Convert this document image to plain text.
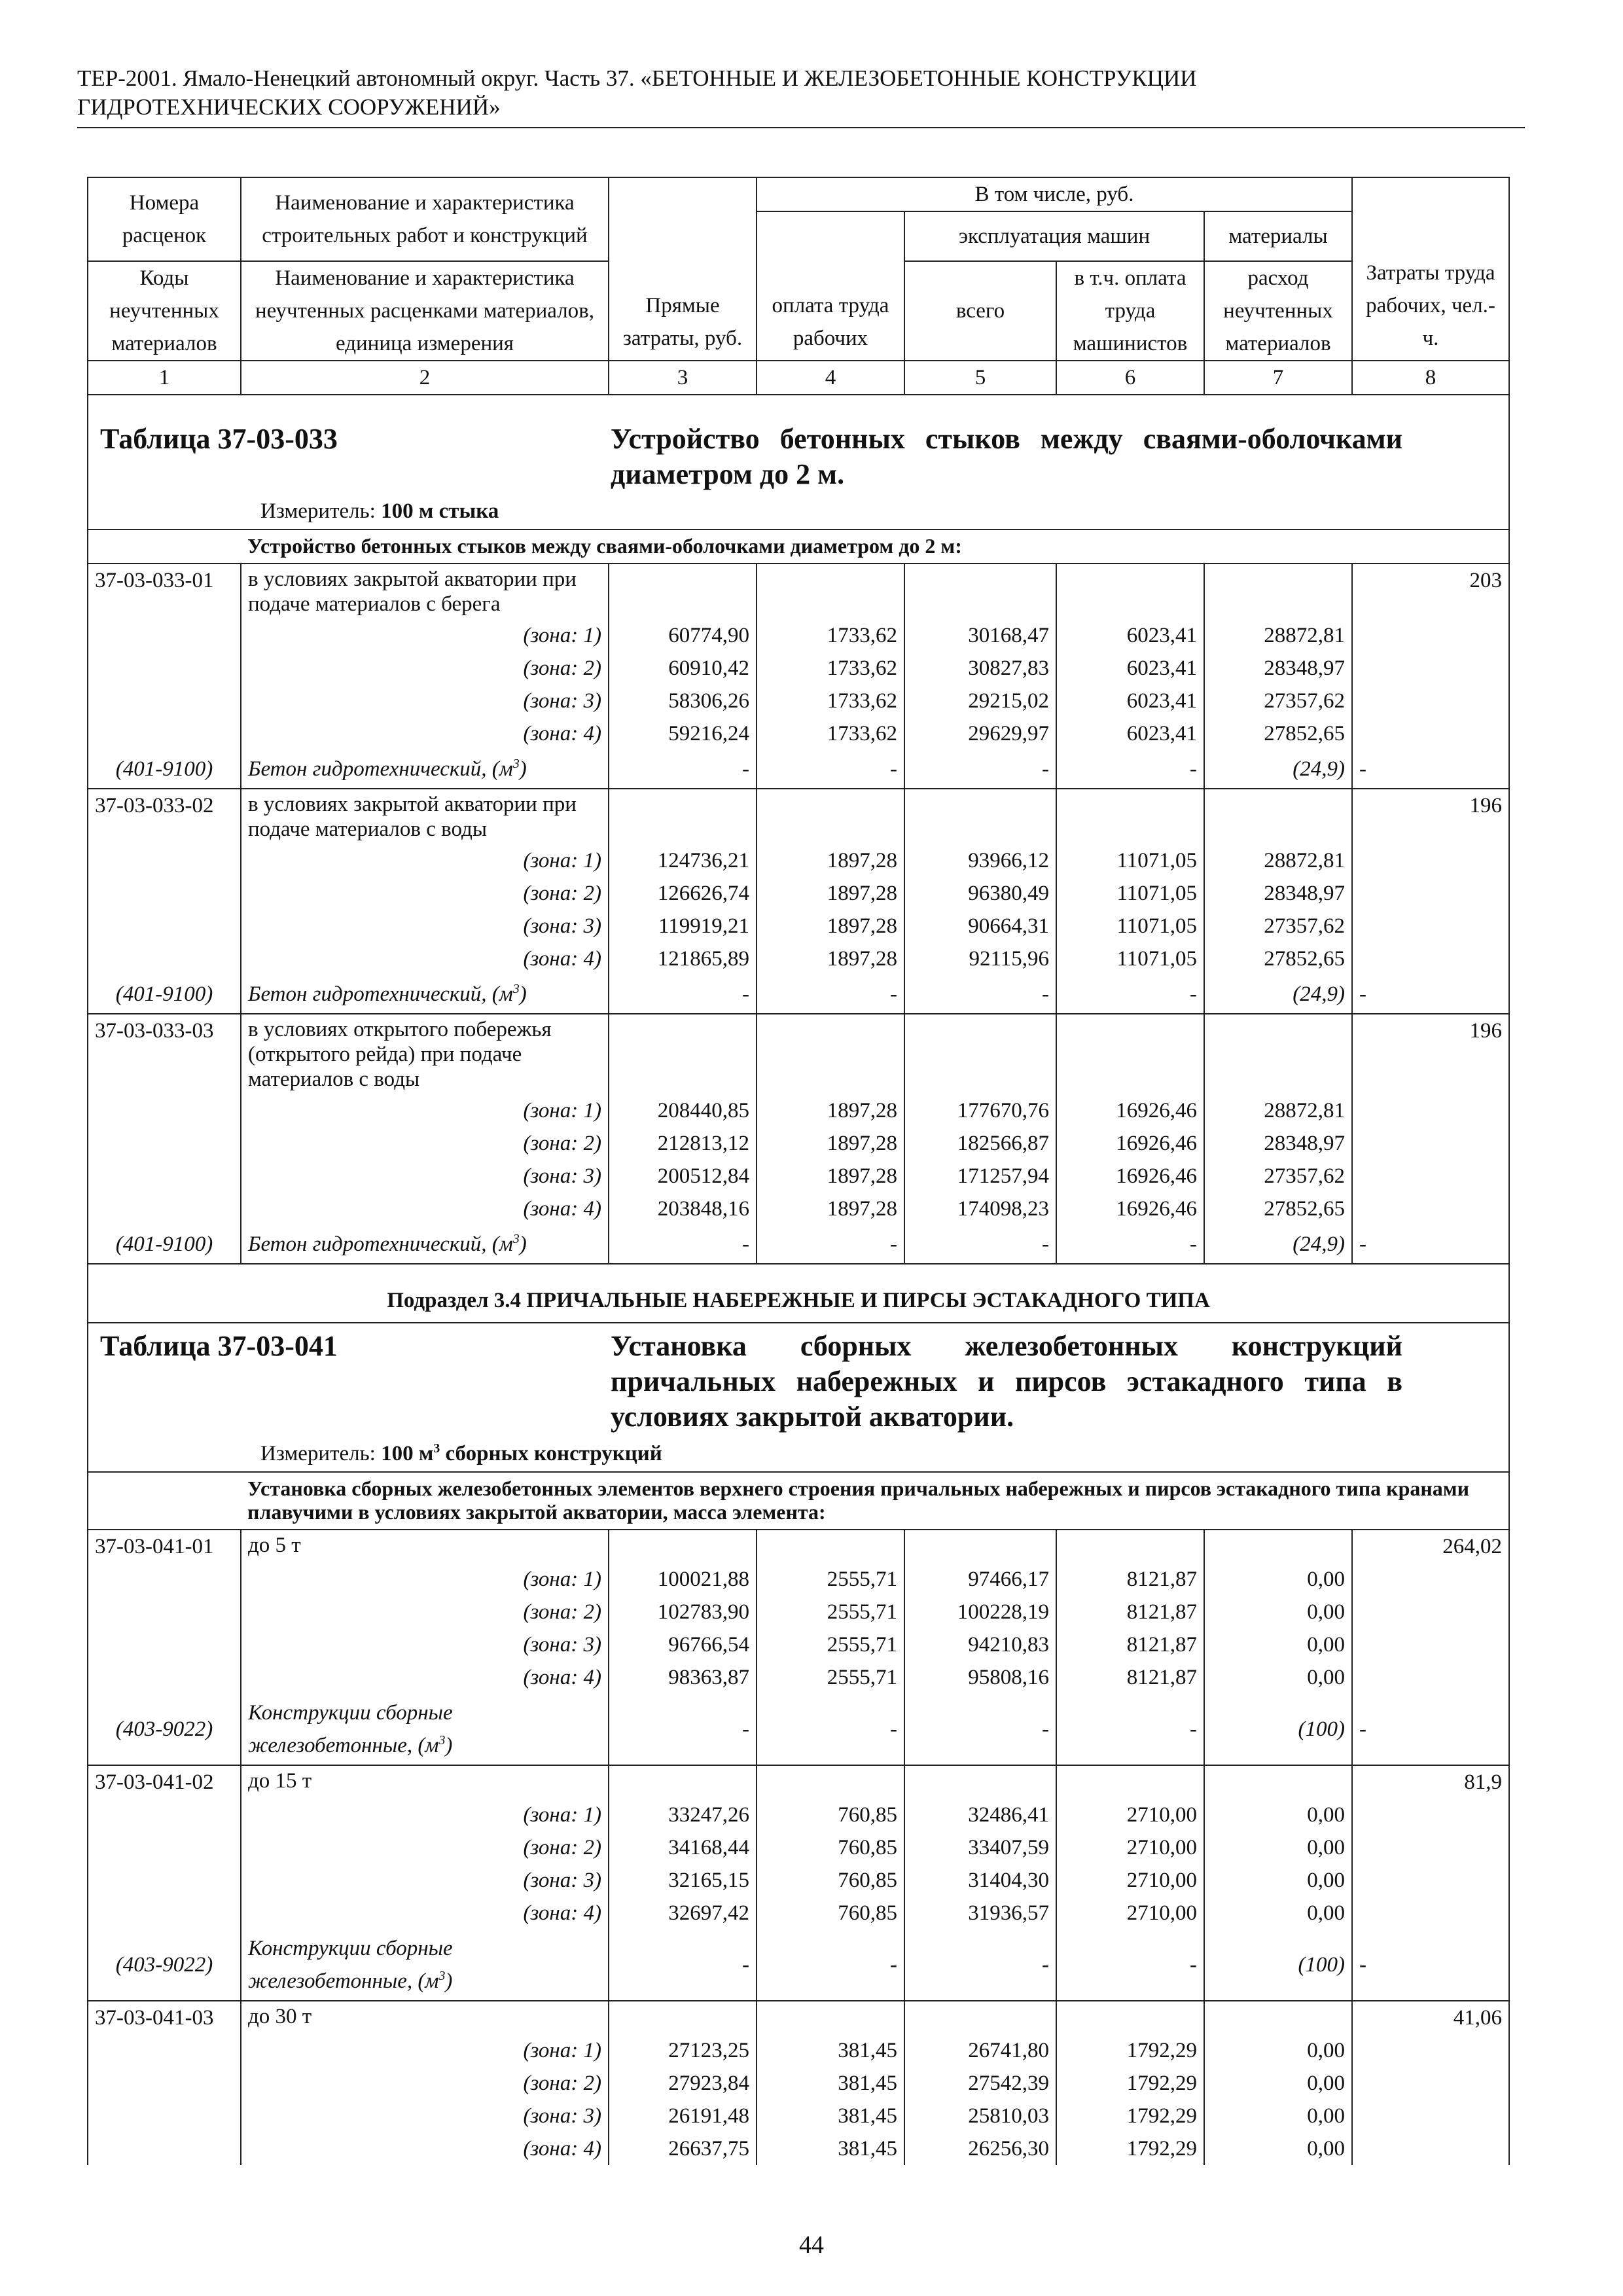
ТЕР-2001. Ямало-Ненецкий автономный округ. Часть 37. «БЕТОННЫЕ И ЖЕЛЕЗОБЕТОННЫЕ КОНСТРУКЦИИ
ГИДРОТЕХНИЧЕСКИХ СООРУЖЕНИЙ»
Номера расценок	Наименование и характеристика строительных работ и конструкций	Прямые затраты, руб.	В том числе, руб.				Затраты труда рабочих, чел.-ч.
			оплата труда рабочих	эксплуатация машин		материалы	
Коды неучтенных материалов	Наименование и характеристика неучтенных расценками материалов, единица измерения			всего	в т.ч. оплата труда машинистов	расход неучтенных материалов	
1	2	3	4	5	6	7	8
Таблица 37-03-033 Устройство бетонных стыков между сваями-оболочками диаметром до 2 м.
Измеритель: 100 м стыка							

	Устройство бетонных стыков между сваями-оболочками диаметром до 2 м:						
37-03-033-01	в условиях закрытой акватории при подаче материалов с берега						203
	(зона: 1)	60774,90	1733,62	30168,47	6023,41	28872,81	
	(зона: 2)	60910,42	1733,62	30827,83	6023,41	28348,97	
	(зона: 3)	58306,26	1733,62	29215,02	6023,41	27357,62	
	(зона: 4)	59216,24	1733,62	29629,97	6023,41	27852,65	
(401-9100)	Бетон гидротехнический, $(м^3)$	-	-	-	-	(24,9)	-
37-03-033-02	в условиях закрытой акватории при подаче материалов с воды						196
	(зона: 1)	124736,21	1897,28	93966,12	11071,05	28872,81	
	(зона: 2)	126626,74	1897,28	96380,49	11071,05	28348,97	
	(зона: 3)	119919,21	1897,28	90664,31	11071,05	27357,62	
	(зона: 4)	121865,89	1897,28	92115,96	11071,05	27852,65	
(401-9100)	Бетон гидротехнический, $(м^3)$	-	-	-	-	(24,9)	-
37-03-033-03	в условиях открытого побережья (открытого рейда) при подаче материалов с воды						196
	(зона: 1)	208440,85	1897,28	177670,76	16926,46	28872,81	
	(зона: 2)	212813,12	1897,28	182566,87	16926,46	28348,97	
	(зона: 3)	200512,84	1897,28	171257,94	16926,46	27357,62	
	(зона: 4)	203848,16	1897,28	174098,23	16926,46	27852,65	
(401-9100)	Бетон гидротехнический, $(м^3)$	-	-	-	-	(24,9)	-
Подраздел 3.4 ПРИЧАЛЬНЫЕ НАБЕРЕЖНЫЕ И ПИРСЫ ЭСТАКАДНОГО ТИПА							
Таблица 37-03-041 Установка сборных железобетонных конструкций причальных набережных и пирсов эстакадного типа в условиях закрытой акватории.
Измеритель: 100 $м^3$ сборных конструкций							

	Установка сборных железобетонных элементов верхнего строения причальных набережных и пирсов эстакадного типа кранами плавучими в условиях закрытой акватории, масса элемента:						
37-03-041-01	до 5 т						264,02
	(зона: 1)	100021,88	2555,71	97466,17	8121,87	0,00	
	(зона: 2)	102783,90	2555,71	100228,19	8121,87	0,00	
	(зона: 3)	96766,54	2555,71	94210,83	8121,87	0,00	
	(зона: 4)	98363,87	2555,71	95808,16	8121,87	0,00	
(403-9022)	Конструкции сборные железобетонные, $(м^3)$	-	-	-	-	(100)	-
37-03-041-02	до 15 т						81,9
	(зона: 1)	33247,26	760,85	32486,41	2710,00	0,00	
	(зона: 2)	34168,44	760,85	33407,59	2710,00	0,00	
	(зона: 3)	32165,15	760,85	31404,30	2710,00	0,00	
	(зона: 4)	32697,42	760,85	31936,57	2710,00	0,00	
(403-9022)	Конструкции сборные железобетонные, $(м^3)$	-	-	-	-	(100)	-
37-03-041-03	до 30 т						41,06
	(зона: 1)	27123,25	381,45	26741,80	1792,29	0,00	
	(зона: 2)	27923,84	381,45	27542,39	1792,29	0,00	
	(зона: 3)	26191,48	381,45	25810,03	1792,29	0,00	
	(зона: 4)	26637,75	381,45	26256,30	1792,29	0,00	
44
